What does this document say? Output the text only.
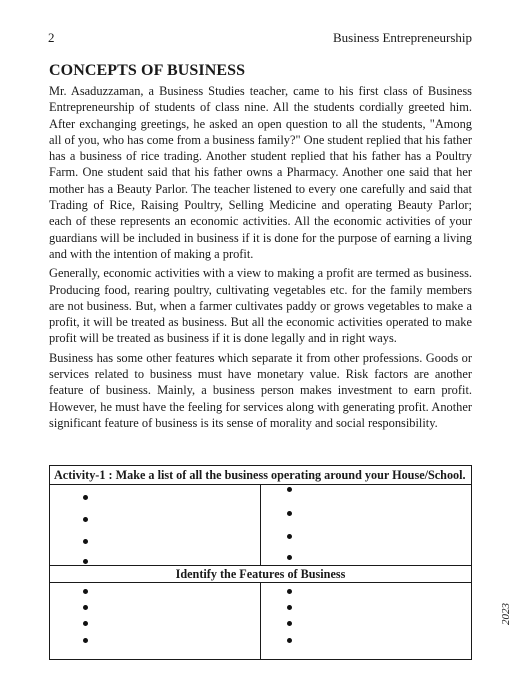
2	Business Entrepreneurship
CONCEPTS OF BUSINESS

Mr. Asaduzzaman, a Business Studies teacher, came to his first class of Business Entrepreneurship of students of class nine. All the students cordially greeted him. After exchanging greetings, he asked an open question to all the students, "Among all of you, who has come from a business family?" One student replied that his father has a business of rice trading. Another student replied that his father has a Poultry Farm. One student said that his father owns a Pharmacy. Another one said that her mother has a Beauty Parlor. The teacher listened to every one carefully and said that Trading of Rice, Raising Poultry, Selling Medicine and operating Beauty Parlor; each of these represents an economic activities. All the economic activities of your guardians will be included in business if it is done for the purpose of earning a living and with the intention of making a profit.

Generally, economic activities with a view to making a profit are termed as business. Producing food, rearing poultry, cultivating vegetables etc. for the family members are not business. But, when a farmer cultivates paddy or grows vegetables to make a profit, it will be treated as business. But all the economic activities operated to make profit will be treated as business if it is done legally and in right ways.

Business has some other features which separate it from other professions. Goods or services related to business must have monetary value. Risk factors are another feature of business. Mainly, a business person makes investment to earn profit. However, he must have the feeling for services along with generating profit. Another significant feature of business is its sense of morality and social responsibility.

Activity-1 : Make a list of all the business operating around your House/School.	

Identify the Features of Business	

2023
